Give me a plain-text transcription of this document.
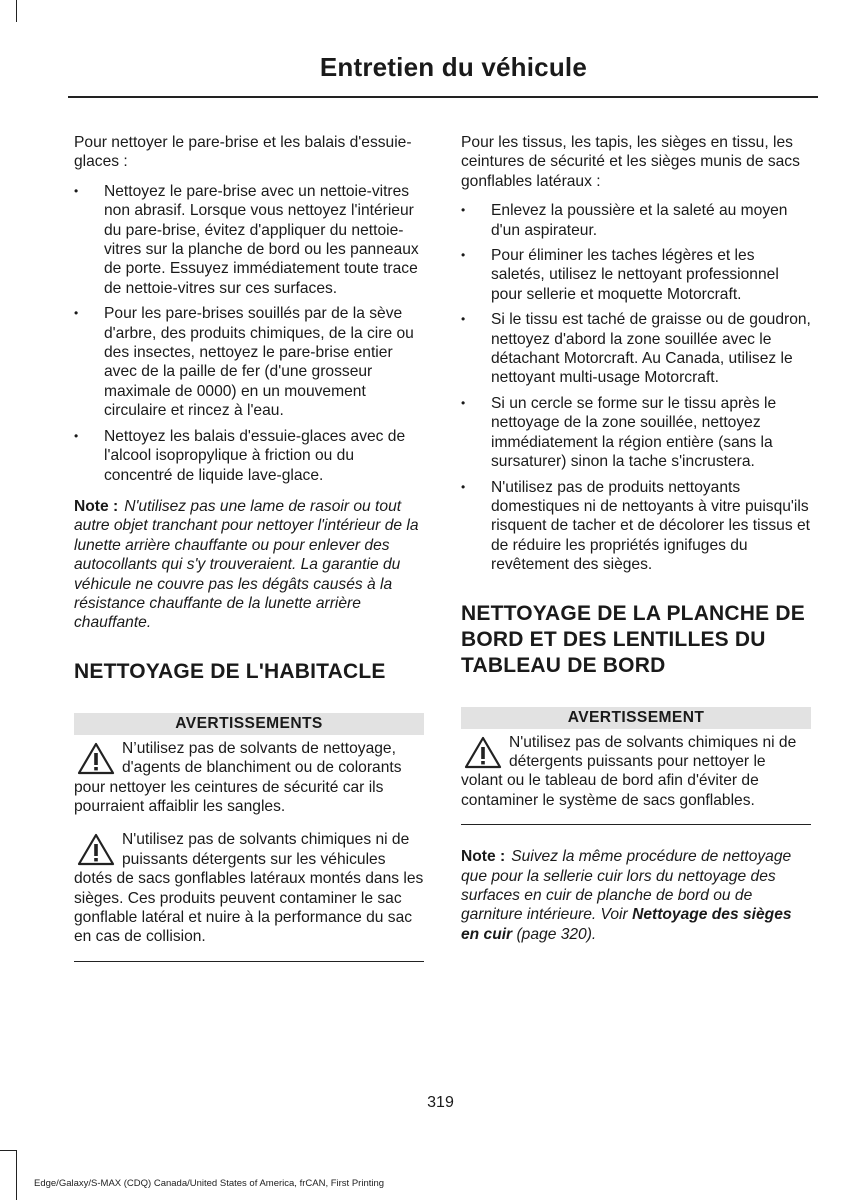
Entretien du véhicule

Pour nettoyer le pare-brise et les balais d'essuie-glaces :

• Nettoyez le pare-brise avec un nettoie-vitres non abrasif. Lorsque vous nettoyez l'intérieur du pare-brise, évitez d'appliquer du nettoie-vitres sur la planche de bord ou les panneaux de porte. Essuyez immédiatement toute trace de nettoie-vitres sur ces surfaces.
• Pour les pare-brises souillés par de la sève d'arbre, des produits chimiques, de la cire ou des insectes, nettoyez le pare-brise entier avec de la paille de fer (d'une grosseur maximale de 0000) en un mouvement circulaire et rincez à l'eau.
• Nettoyez les balais d'essuie-glaces avec de l'alcool isopropylique à friction ou du concentré de liquide lave-glace.

Note : N'utilisez pas une lame de rasoir ou tout autre objet tranchant pour nettoyer l'intérieur de la lunette arrière chauffante ou pour enlever des autocollants qui s'y trouveraient. La garantie du véhicule ne couvre pas les dégâts causés à la résistance chauffante de la lunette arrière chauffante.

NETTOYAGE DE L'HABITACLE
AVERTISSEMENTS

N’utilisez pas de solvants de nettoyage, d'agents de blanchiment ou de colorants pour nettoyer les ceintures de sécurité car ils pourraient affaiblir les sangles.

N'utilisez pas de solvants chimiques ni de puissants détergents sur les véhicules dotés de sacs gonflables latéraux montés dans les sièges. Ces produits peuvent contaminer le sac gonflable latéral et nuire à la performance du sac en cas de collision.

Pour les tissus, les tapis, les sièges en tissu, les ceintures de sécurité et les sièges munis de sacs gonflables latéraux :

• Enlevez la poussière et la saleté au moyen d'un aspirateur.
• Pour éliminer les taches légères et les saletés, utilisez le nettoyant professionnel pour sellerie et moquette Motorcraft.
• Si le tissu est taché de graisse ou de goudron, nettoyez d'abord la zone souillée avec le détachant Motorcraft. Au Canada, utilisez le nettoyant multi-usage Motorcraft.
• Si un cercle se forme sur le tissu après le nettoyage de la zone souillée, nettoyez immédiatement la région entière (sans la sursaturer) sinon la tache s'incrustera.
• N'utilisez pas de produits nettoyants domestiques ni de nettoyants à vitre puisqu'ils risquent de tacher et de décolorer les tissus et de réduire les propriétés ignifuges du revêtement des sièges.
NETTOYAGE DE LA PLANCHE DE BORD ET DES LENTILLES DU TABLEAU DE BORD
AVERTISSEMENT

N'utilisez pas de solvants chimiques ni de détergents puissants pour nettoyer le volant ou le tableau de bord afin d'éviter de contaminer le système de sacs gonflables.

Note : Suivez la même procédure de nettoyage que pour la sellerie cuir lors du nettoyage des surfaces en cuir de planche de bord ou de garniture intérieure. Voir Nettoyage des sièges en cuir (page 320).

319
Edge/Galaxy/S-MAX (CDQ) Canada/United States of America, frCAN, First Printing
